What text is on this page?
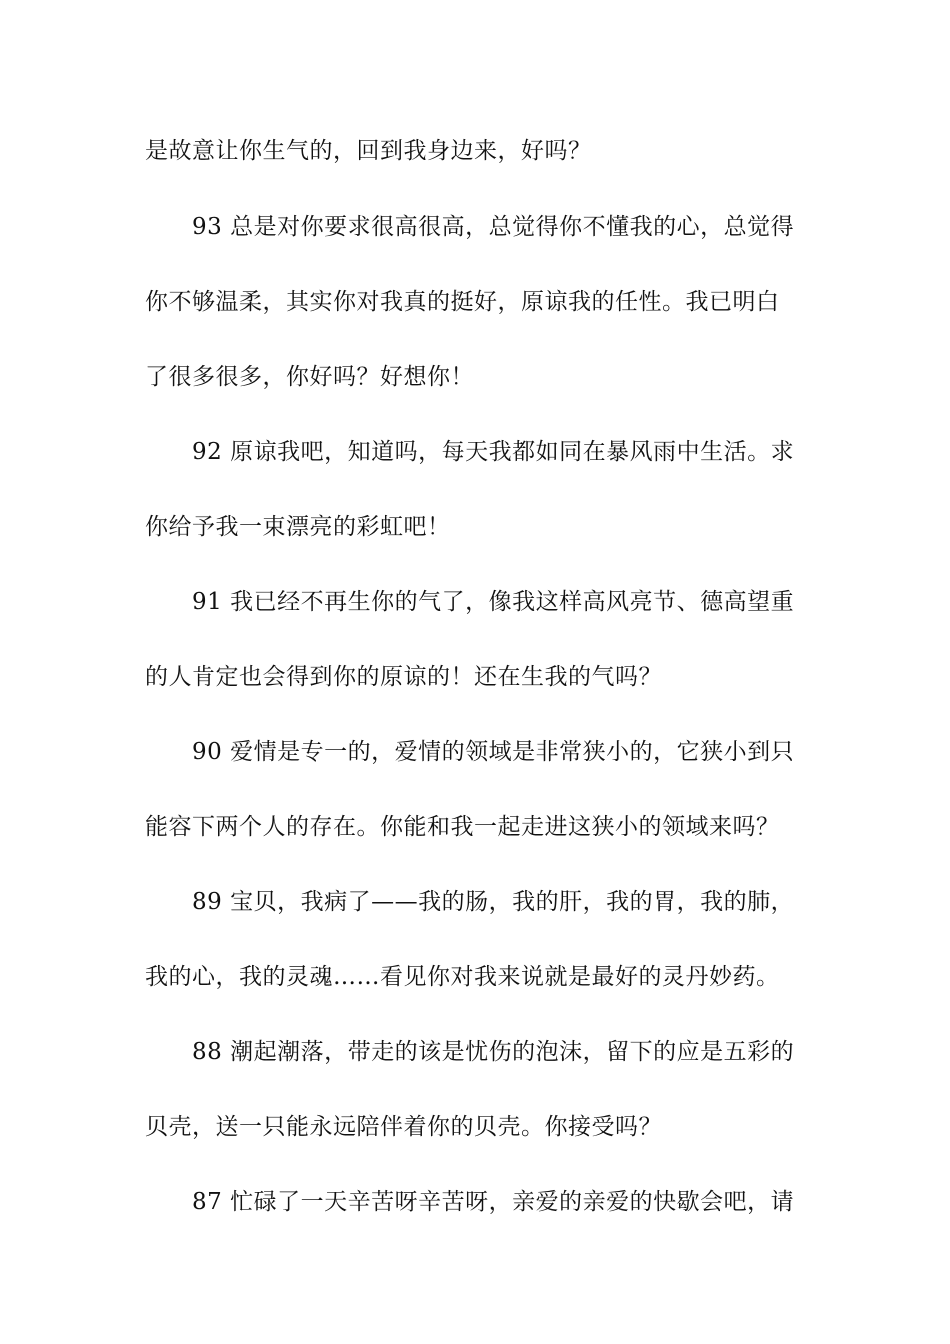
是故意让你生气的，回到我身边来，好吗？
93 总是对你要求很高很高，总觉得你不懂我的心，总觉得
你不够温柔，其实你对我真的挺好，原谅我的任性。我已明白
了很多很多，你好吗？好想你！
92 原谅我吧，知道吗，每天我都如同在暴风雨中生活。求
你给予我一束漂亮的彩虹吧！
91 我已经不再生你的气了，像我这样高风亮节、德高望重
的人肯定也会得到你的原谅的！还在生我的气吗？
90 爱情是专一的，爱情的领域是非常狭小的，它狭小到只
能容下两个人的存在。你能和我一起走进这狭小的领域来吗？
89 宝贝，我病了——我的肠，我的肝，我的胃，我的肺，
我的心，我的灵魂……看见你对我来说就是最好的灵丹妙药。
88 潮起潮落，带走的该是忧伤的泡沫，留下的应是五彩的
贝壳，送一只能永远陪伴着你的贝壳。你接受吗？
87 忙碌了一天辛苦呀辛苦呀，亲爱的亲爱的快歇会吧，请
